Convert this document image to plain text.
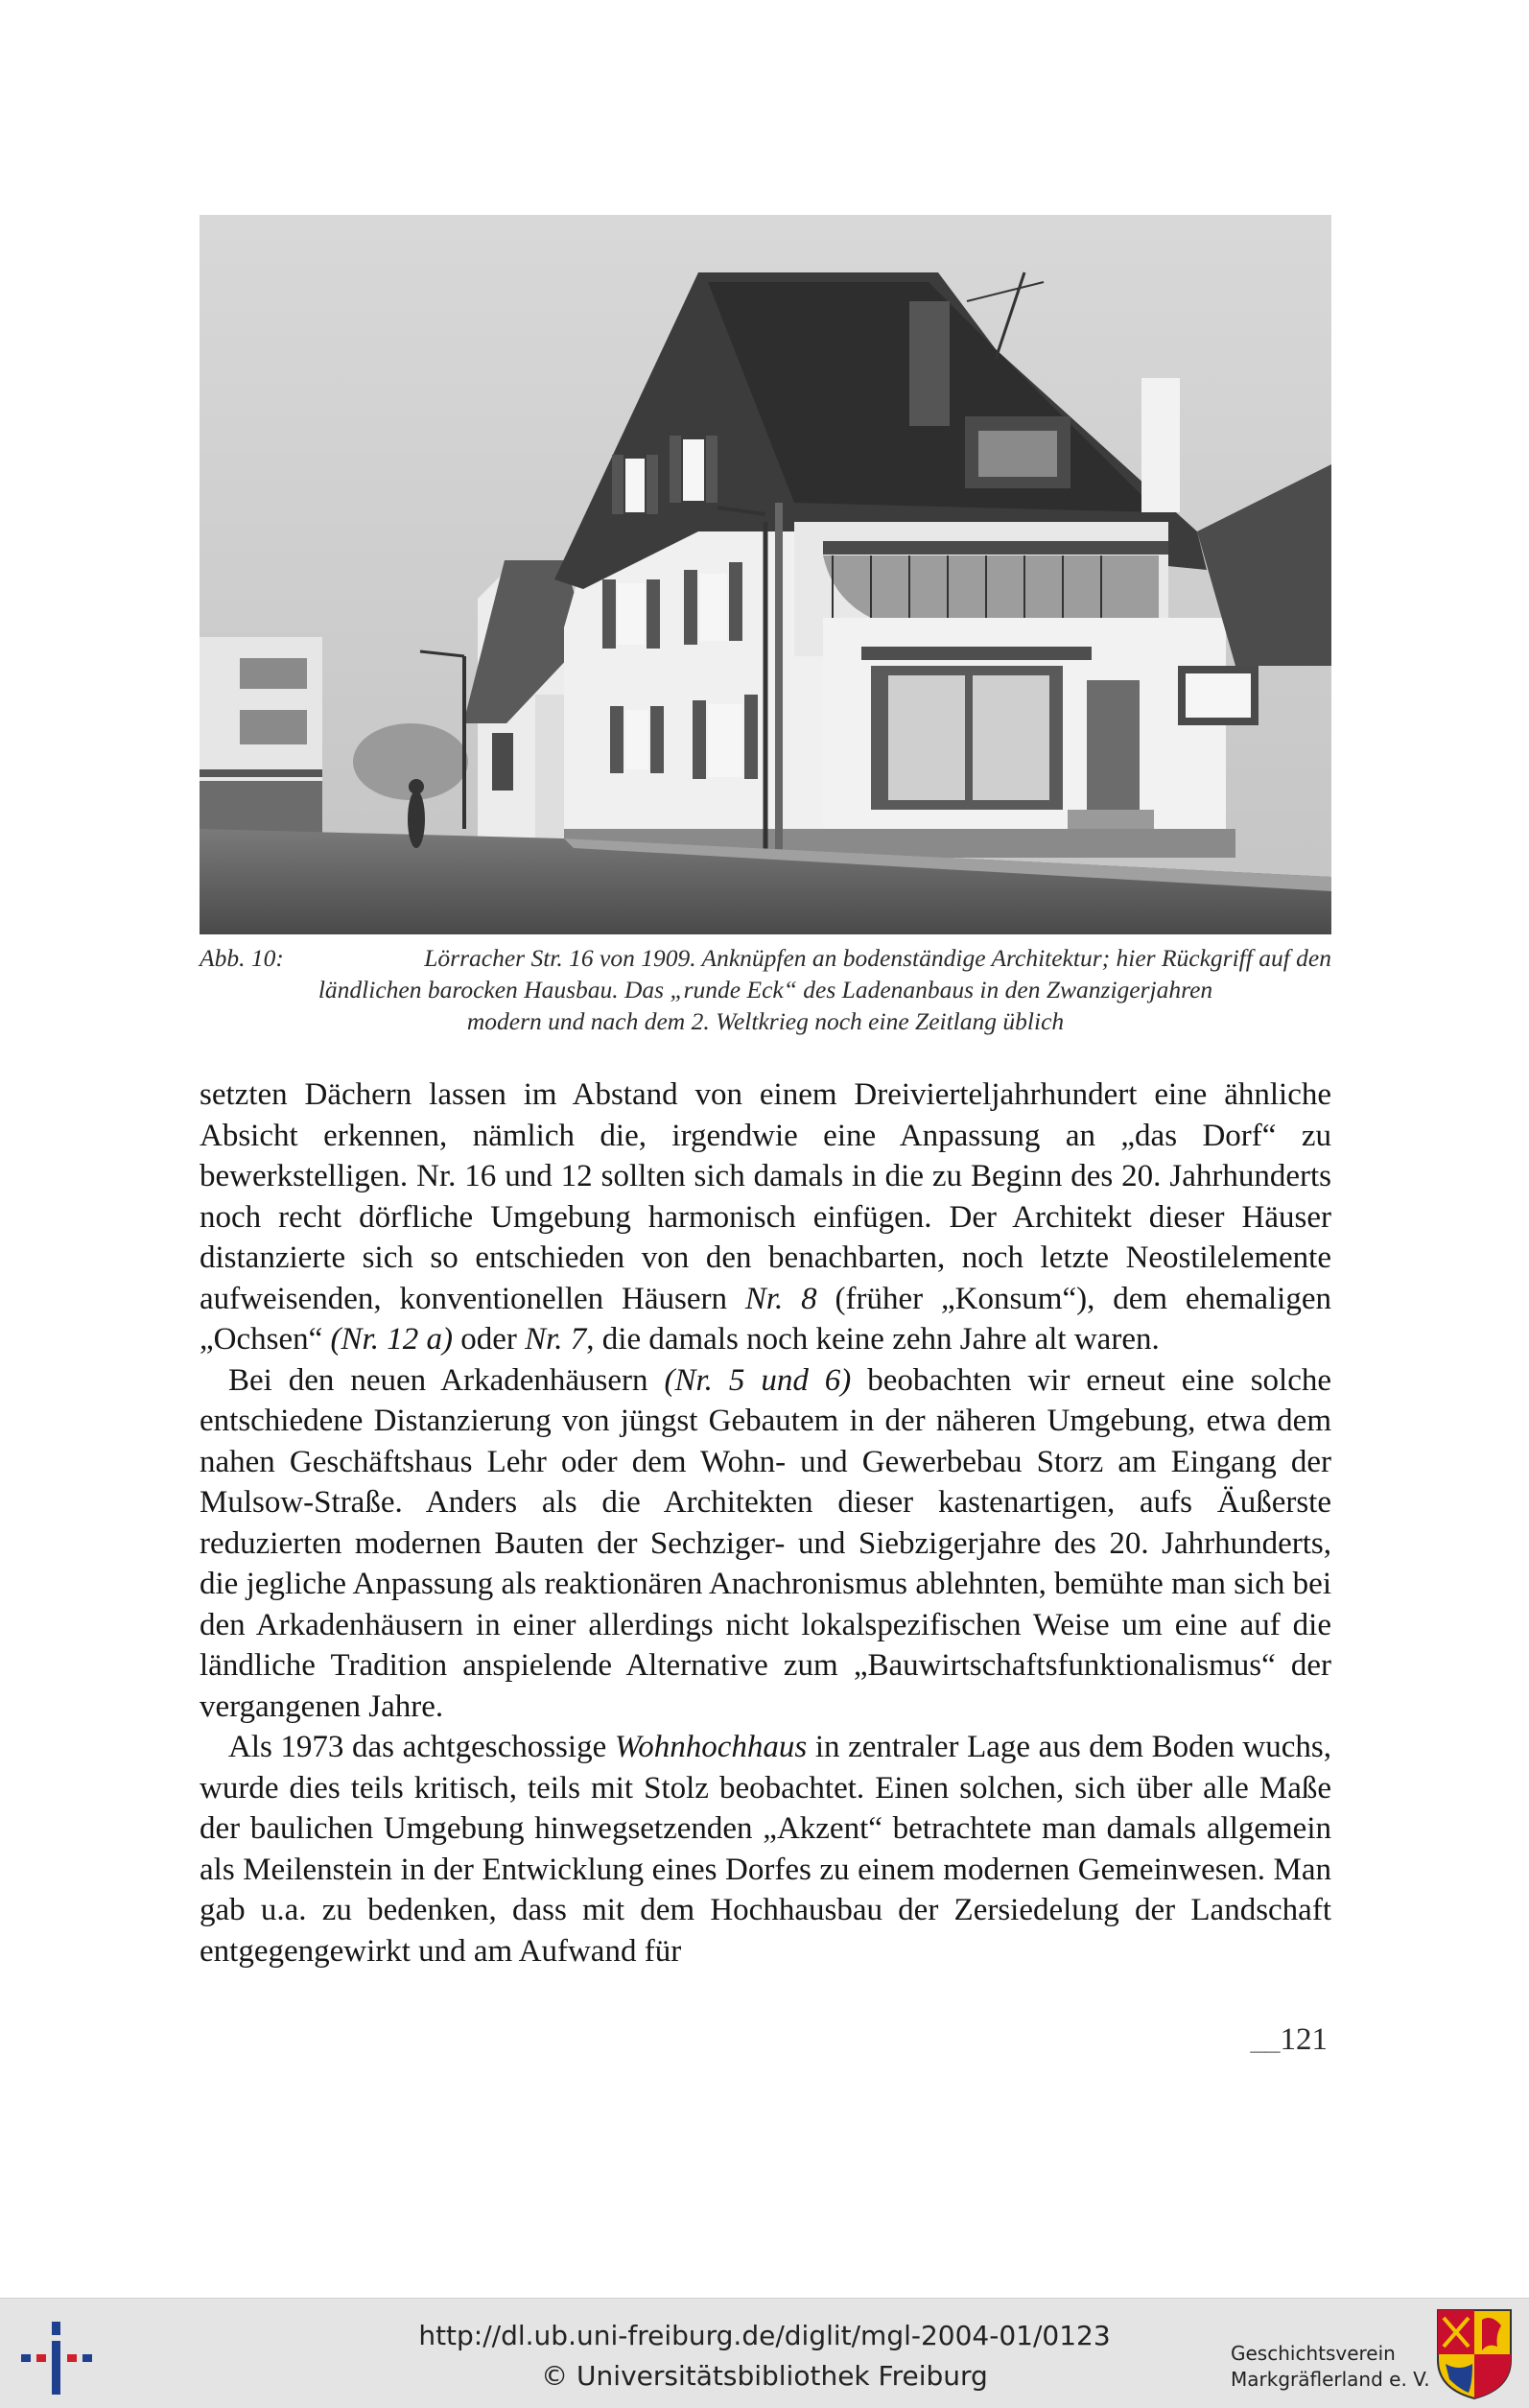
Abb. 10:	Lörracher Str. 16 von 1909. Anknüpfen an bodenständige Architektur; hier Rückgriff auf den
ländlichen barocken Hausbau. Das „runde Eck“ des Ladenanbaus in den Zwanzigerjahren
modern und nach dem 2. Weltkrieg noch eine Zeitlang üblich

setzten Dächern lassen im Abstand von einem Dreivierteljahrhundert eine ähnliche Absicht erkennen, nämlich die, irgendwie eine Anpassung an „das Dorf“ zu bewerkstelligen. Nr. 16 und 12 sollten sich damals in die zu Beginn des 20. Jahrhunderts noch recht dörfliche Umgebung harmonisch einfügen. Der Architekt dieser Häuser distanzierte sich so entschieden von den benachbarten, noch letzte Neostilelemente aufweisenden, konventionellen Häusern Nr. 8 (früher „Konsum“), dem ehemaligen „Ochsen“ (Nr. 12 a) oder Nr. 7, die damals noch keine zehn Jahre alt waren.

Bei den neuen Arkadenhäusern (Nr. 5 und 6) beobachten wir erneut eine solche entschiedene Distanzierung von jüngst Gebautem in der näheren Umgebung, etwa dem nahen Geschäftshaus Lehr oder dem Wohn- und Gewerbebau Storz am Eingang der Mulsow-Straße. Anders als die Architekten dieser kastenartigen, aufs Äußerste reduzierten modernen Bauten der Sechziger- und Siebzigerjahre des 20. Jahrhunderts, die jegliche Anpassung als reaktionären Anachronismus ablehnten, bemühte man sich bei den Arkadenhäusern in einer allerdings nicht lokalspezifischen Weise um eine auf die ländliche Tradition anspielende Alternative zum „Bauwirtschaftsfunktionalismus“ der vergangenen Jahre.

Als 1973 das achtgeschossige Wohnhochhaus in zentraler Lage aus dem Boden wuchs, wurde dies teils kritisch, teils mit Stolz beobachtet. Einen solchen, sich über alle Maße der baulichen Umgebung hinwegsetzenden „Akzent“ betrachtete man damals allgemein als Meilenstein in der Entwicklung eines Dorfes zu einem modernen Gemeinwesen. Man gab u.a. zu bedenken, dass mit dem Hochhausbau der Zersiedelung der Landschaft entgegengewirkt und am Aufwand für

__121
http://dl.ub.uni-freiburg.de/diglit/mgl-2004-01/0123
© Universitätsbibliothek Freiburg
Geschichtsverein
Markgräflerland e. V.
